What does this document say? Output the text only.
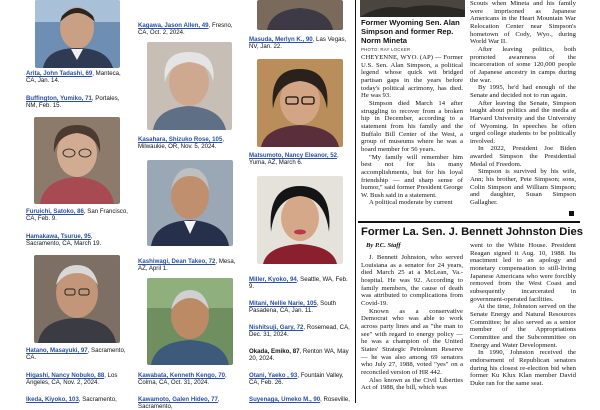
Arita, John Tadashi, 69, Manteca, CA, Jan. 14.
Buffington, Yumiko, 71, Portales, NM, Feb. 15.
Furuichi, Satoko, 86, San Francisco, CA, Feb. 9.
Hamakawa, Tsurue, 95, Sacramento, CA, March 19.
Hatano, Masayuki, 97, Sacramento, CA.
Higashi, Nancy Nobuko, 88, Los Angeles, CA, Nov. 2, 2024.
Ikeda, Kiyoko, 103, Sacramento,
Kagawa, Jason Allen, 49, Fresno, CA, Oct. 2, 2024.
Kasahara, Shizuko Rose, 105, Milwaukie, OR, Nov. 5, 2024.
Kashiwagi, Dean Takeo, 72, Mesa, AZ, April 1.
Kawabata, Kenneth Kengo, 70, Colma, CA, Oct. 31, 2024.
Kawamoto, Galen Hideo, 77, Sacramento,
Masuda, Merlyn K., 90, Las Vegas, NV, Jan. 22.
Matsumoto, Nancy Eleanor, 52, Yuma, AZ, March 6.
Miller, Kyoko, 94, Seattle, WA, Feb. 9.
Mitani, Nellie Narie, 105, South Pasadena, CA, Jan. 11.
Nishitsuji, Gary, 72, Rosemead, CA, Dec. 31, 2024.
Okada, Emiko, 87, Renton WA, May 20, 2024.
Otani, Yaeko , 93, Fountain Valley, CA, Feb. 26.
Suyenaga, Umeko M., 90, Roseville,
Former Wyoming Sen. Alan Simpson and former Rep. Norm Mineta
PHOTO: RAY LOCKER

CHEYENNE, WYO. (AP) — Former U.S. Sen. Alan Simpson, a political legend whose quick wit bridged partisan gaps in the years before today's political acrimony, has died. He was 93.

Simpson died March 14 after struggling to recover from a broken hip in December, according to a statement from his family and the Buffalo Bill Center of the West, a group of museums where he was a board member for 56 years.

"My family will remember him best not for his many accomplishments, but for his loyal friendship — and sharp sense of humor," said former President George W. Bush said in a statement.

A political moderate by current

Scouts when Mineta and his family were imprisoned as Japanese Americans in the Heart Mountain War Relocation Center near Simpson's hometown of Cody, Wyo., during World War II.

After leaving politics, both promoted awareness of the incarceration of some 120,000 people of Japanese ancestry in camps during the war.

By 1995, he'd had enough of the Senate and decided not to run again.

After leaving the Senate, Simpson taught about politics and the media at Harvard University and the University of Wyoming. In speeches he often urged college students to be politically involved.

In 2022, President Joe Biden awarded Simpson the Presidential Medal of Freedom.

Simpson is survived by his wife, Ann; his brother, Pete Simpson; sons, Colin Simpson and William Simpson; and daughter, Susan Simpson Gallagher.

Former La. Sen. J. Bennett Johnston Dies
By P.C. Staff

J. Bennett Johnston, who served Louisiana as a senator for 24 years, died March 25 at a McLean, Va.-hospital. He was 92. According to family members, the cause of death was attributed to complications from Covid-19.

Known as a conservative Democrat who was able to work across party lines and as "the man to see" with regard to energy policy — he was a champion of the United States' Strategic Petroleum Reserve — he was also among 69 senators who July 27, 1988, voted "yes" on a reconciled version of HR 442.

Also known as the Civil Liberties Act of 1988, the bill, which was

went to the White House. President Reagan signed it Aug. 10, 1988. Its enactment led to an apology and monetary compensation to still-living Japanese Americans who were forcibly removed from the West Coast and subsequently incarcerated in government-operated facilities.

At the time, Johnston served on the Senate Energy and Natural Resources Committee; he also served as a senior member of the Appropriations Committee and the Subcommittee on Energy and Water Development.

In 1990, Johnston received the endorsement of Republican senators during his closest re-election bid when former Ku Klux Klan member David Duke ran for the same seat.
